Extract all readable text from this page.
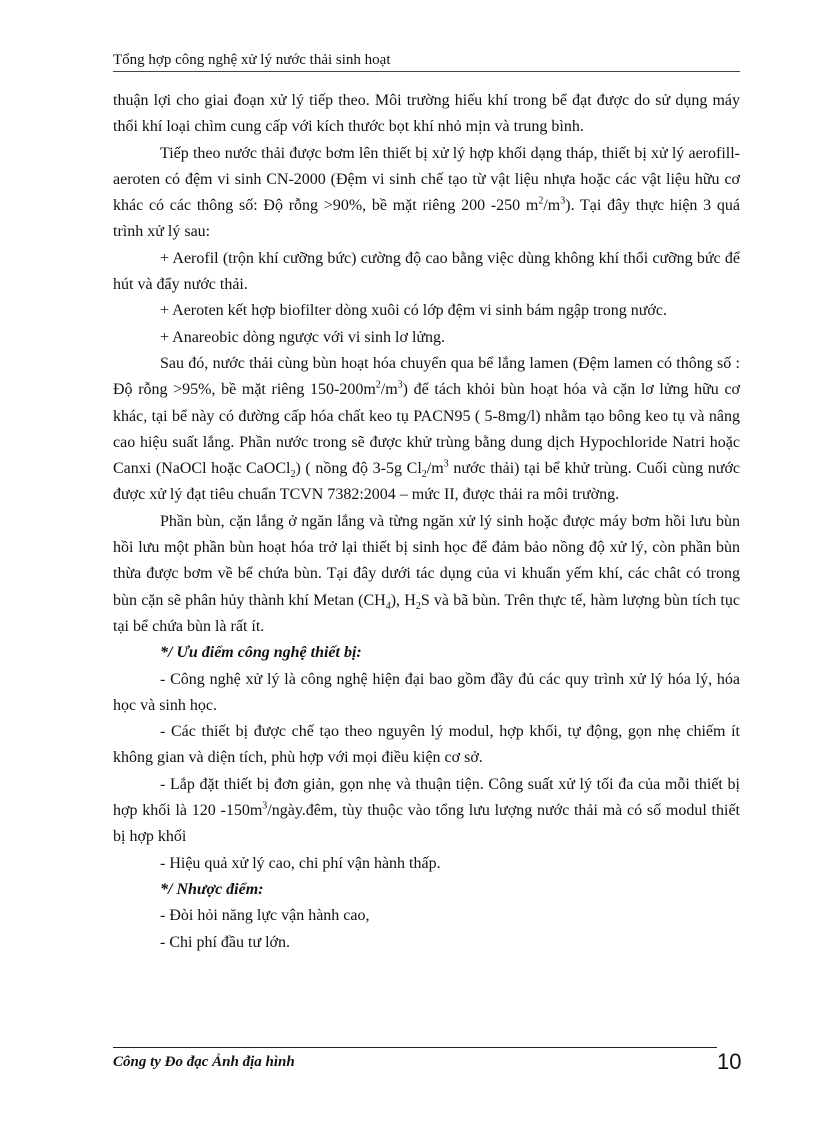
Tổng hợp công nghệ xử lý nước thải sinh hoạt

thuận lợi cho giai đoạn xử lý tiếp theo. Môi trường hiếu khí trong bể đạt được do sử dụng máy thổi khí loại chìm cung cấp với kích thước bọt khí nhỏ mịn và trung bình.

Tiếp theo nước thải được bơm lên thiết bị xử lý hợp khối dạng tháp, thiết bị xử lý aerofill-aeroten có đệm vi sinh CN-2000 (Đệm vi sinh chế tạo từ vật liệu nhựa hoặc các vật liệu hữu cơ khác có các thông số: Độ rỗng >90%, bề mặt riêng 200 -250 $m^2/m^3$). Tại đây thực hiện 3 quá trình xử lý sau:

+ Aerofil (trộn khí cưỡng bức) cường độ cao bằng việc dùng không khí thổi cưỡng bức để hút và đẩy nước thải.

+ Aeroten kết hợp biofilter dòng xuôi có lớp đệm vi sinh bám ngập trong nước.

+ Anareobic dòng ngược với vi sinh lơ lửng.

Sau đó, nước thải cùng bùn hoạt hóa chuyển qua bể lắng lamen (Đệm lamen có thông số : Độ rỗng >95%, bề mặt riêng $150-200m^2/m^3$) để tách khỏi bùn hoạt hóa và cặn lơ lửng hữu cơ khác, tại bể này có đường cấp hóa chất keo tụ PACN95 ( 5-8mg/l) nhằm tạo bông keo tụ và nâng cao hiệu suất lắng. Phần nước trong sẽ được khử trùng bằng dung dịch Hypochloride Natri hoặc Canxi (NaOCl hoặc CaOCl$_2$) ( nồng độ 3-5g $Cl_2/m^3$ nước thải) tại bể khử trùng. Cuối cùng nước được xử lý đạt tiêu chuẩn TCVN 7382:2004 – mức II, được thải ra môi trường.

Phần bùn, cặn lắng ở ngăn lắng và từng ngăn xử lý sinh hoặc được máy bơm hồi lưu bùn hồi lưu một phần bùn hoạt hóa trở lại thiết bị sinh học để đảm bảo nồng độ xử lý, còn phần bùn thừa được bơm về bể chứa bùn. Tại đây dưới tác dụng của vi khuẩn yếm khí, các chât có trong bùn cặn sẽ phân hủy thành khí Metan $(CH_4)$, $H_2S$ và bã bùn. Trên thực tế, hàm lượng bùn tích tục tại bể chứa bùn là rất ít.

*/ Ưu điểm công nghệ thiết bị:

- Công nghệ xử lý là công nghệ hiện đại bao gồm đầy đủ các quy trình xử lý hóa lý, hóa học và sinh học.

- Các thiết bị được chế tạo theo nguyên lý modul, hợp khối, tự động, gọn nhẹ chiếm ít không gian và diện tích, phù hợp với mọi điều kiện cơ sở.

- Lắp đặt thiết bị đơn giản, gọn nhẹ và thuận tiện. Công suất xử lý tối đa của mỗi thiết bị hợp khối là 120 $-150m^3/ngày.đêm$, tùy thuộc vào tổng lưu lượng nước thải mà có số modul thiết bị hợp khối

- Hiệu quả xử lý cao, chi phí vận hành thấp.

*/ Nhược điểm:

- Đòi hỏi năng lực vận hành cao,

- Chi phí đầu tư lớn.

Công ty Đo đạc Ảnh địa hình	10
